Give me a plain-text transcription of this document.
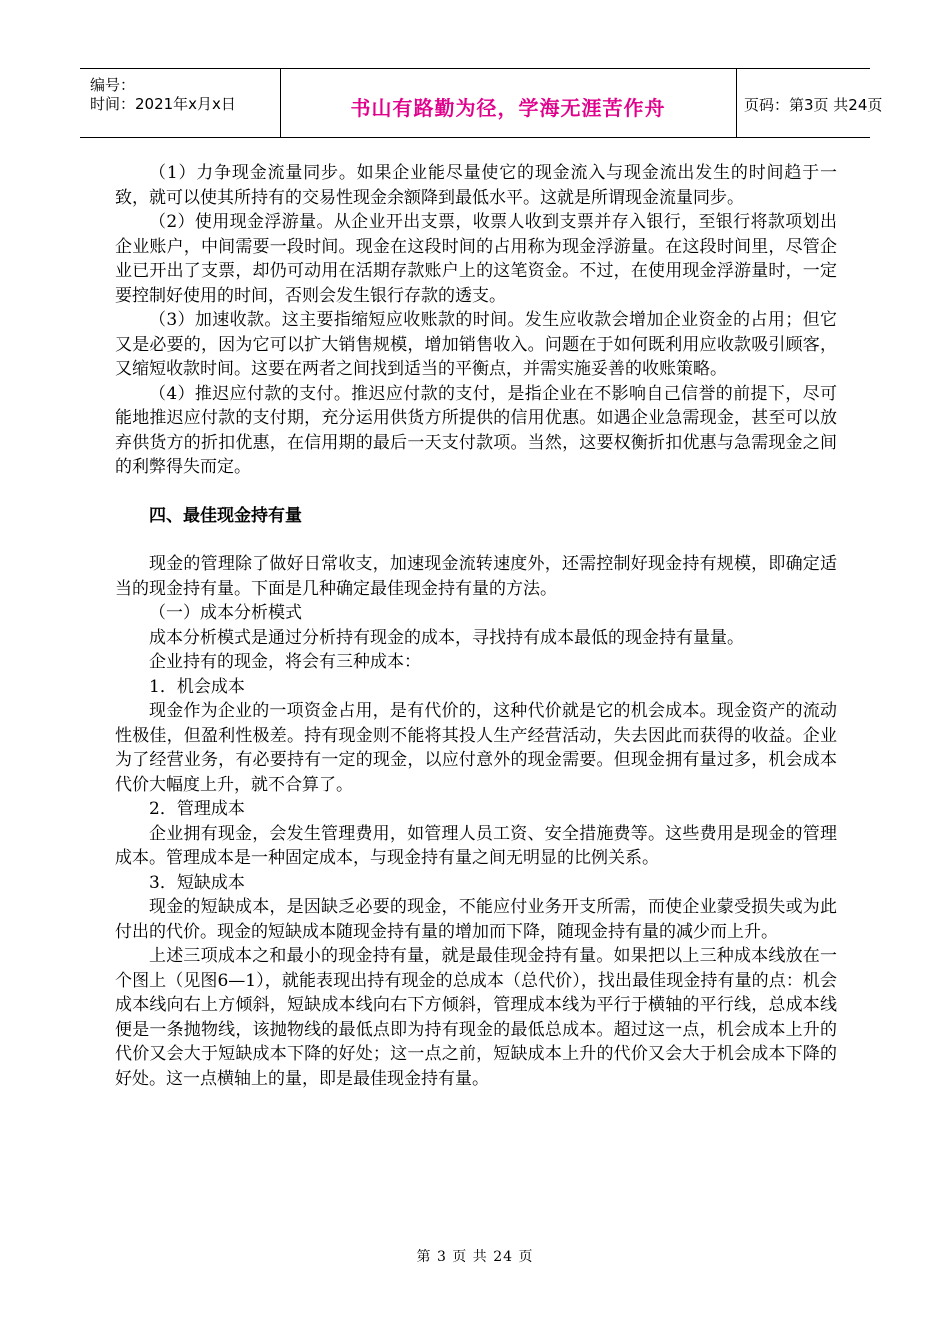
编号：
时间：2021年x月x日	书山有路勤为径，学海无涯苦作舟	页码：第3页 共24页

（1）力争现金流量同步。如果企业能尽量使它的现金流入与现金流出发生的时间趋于一致，就可以使其所持有的交易性现金余额降到最低水平。这就是所谓现金流量同步。

（2）使用现金浮游量。从企业开出支票，收票人收到支票并存入银行，至银行将款项划出企业账户，中间需要一段时间。现金在这段时间的占用称为现金浮游量。在这段时间里，尽管企业已开出了支票，却仍可动用在活期存款账户上的这笔资金。不过，在使用现金浮游量时，一定要控制好使用的时间，否则会发生银行存款的透支。

（3）加速收款。这主要指缩短应收账款的时间。发生应收款会增加企业资金的占用；但它又是必要的，因为它可以扩大销售规模，增加销售收入。问题在于如何既利用应收款吸引顾客，又缩短收款时间。这要在两者之间找到适当的平衡点，并需实施妥善的收账策略。

（4）推迟应付款的支付。推迟应付款的支付，是指企业在不影响自己信誉的前提下，尽可能地推迟应付款的支付期，充分运用供货方所提供的信用优惠。如遇企业急需现金，甚至可以放弃供货方的折扣优惠，在信用期的最后一天支付款项。当然，这要权衡折扣优惠与急需现金之间的利弊得失而定。

四、最佳现金持有量

现金的管理除了做好日常收支，加速现金流转速度外，还需控制好现金持有规模，即确定适当的现金持有量。下面是几种确定最佳现金持有量的方法。

（一）成本分析模式

成本分析模式是通过分析持有现金的成本，寻找持有成本最低的现金持有量量。

企业持有的现金，将会有三种成本：

1．机会成本

现金作为企业的一项资金占用，是有代价的，这种代价就是它的机会成本。现金资产的流动性极佳，但盈利性极差。持有现金则不能将其投人生产经营活动，失去因此而获得的收益。企业为了经营业务，有必要持有一定的现金，以应付意外的现金需要。但现金拥有量过多，机会成本代价大幅度上升，就不合算了。

2．管理成本

企业拥有现金，会发生管理费用，如管理人员工资、安全措施费等。这些费用是现金的管理成本。管理成本是一种固定成本，与现金持有量之间无明显的比例关系。

3．短缺成本

现金的短缺成本，是因缺乏必要的现金，不能应付业务开支所需，而使企业蒙受损失或为此付出的代价。现金的短缺成本随现金持有量的增加而下降，随现金持有量的减少而上升。

上述三项成本之和最小的现金持有量，就是最佳现金持有量。如果把以上三种成本线放在一个图上（见图6—1），就能表现出持有现金的总成本（总代价），找出最佳现金持有量的点：机会成本线向右上方倾斜，短缺成本线向右下方倾斜，管理成本线为平行于横轴的平行线，总成本线便是一条抛物线，该抛物线的最低点即为持有现金的最低总成本。超过这一点，机会成本上升的代价又会大于短缺成本下降的好处；这一点之前，短缺成本上升的代价又会大于机会成本下降的好处。这一点横轴上的量，即是最佳现金持有量。

第 3 页 共 24 页
